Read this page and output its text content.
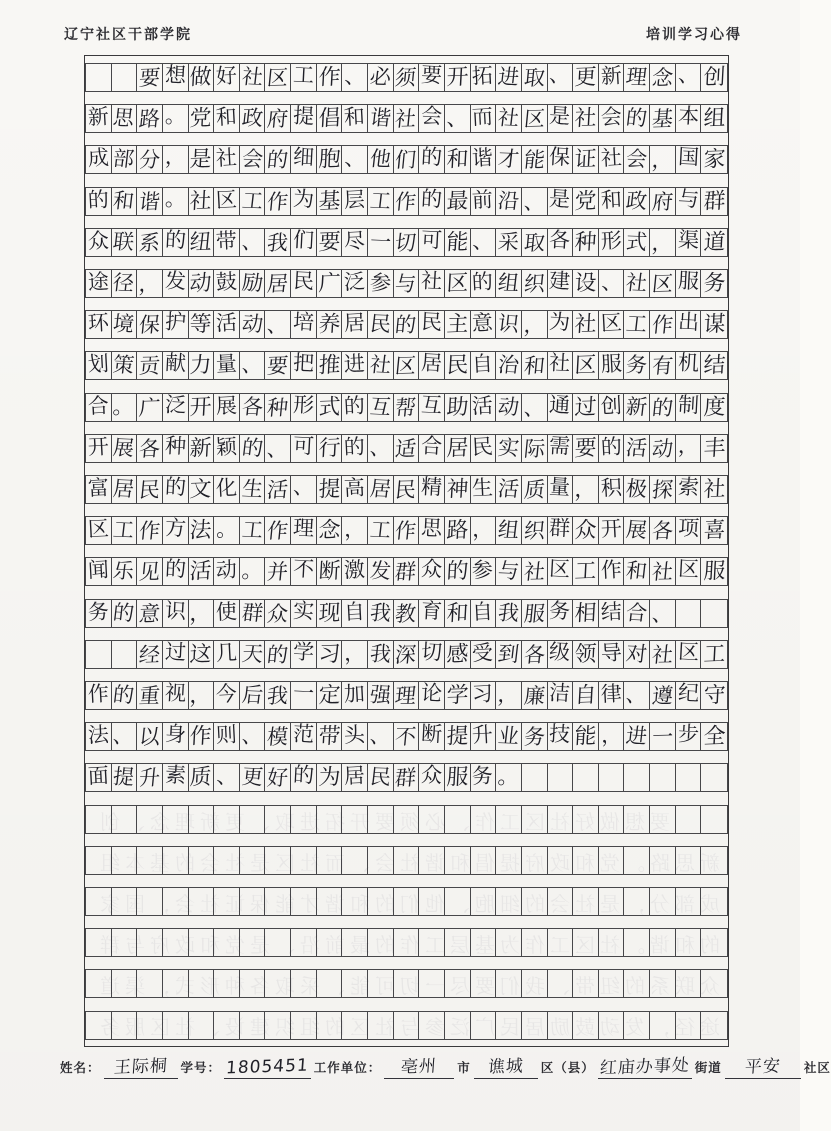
辽宁社区干部学院	培训学习心得
要 想 做 好 社 区 工 作 、 必 须 要 开 拓 进 取 、 更 新 理 念 、 创
新 思 路 。 党 和 政 府 提 倡 和 谐 社 会 、 而 社 区 是 社 会 的 基 本 组
成 部 分 ， 是 社 会 的 细 胞 、 他 们 的 和 谐 才 能 保 证 社 会 ， 国 家
的 和 谐 。 社 区 工 作 为 基 层 工 作 的 最 前 沿 、 是 党 和 政 府 与 群
众 联 系 的 纽 带 、 我 们 要 尽 一 切 可 能 、 采 取 各 种 形 式 ， 渠 道
途 径 ， 发 动 鼓 励 居 民 广 泛 参 与 社 区 的 组 织 建 设 、 社 区 服 务
环 境 保 护 等 活 动 、 培 养 居 民 的 民 主 意 识 ， 为 社 区 工 作 出 谋
划 策 贡 献 力 量 、 要 把 推 进 社 区 居 民 自 治 和 社 区 服 务 有 机 结
合 。 广 泛 开 展 各 种 形 式 的 互 帮 互 助 活 动 、 通 过 创 新 的 制 度
开 展 各 种 新 颖 的 、 可 行 的 、 适 合 居 民 实 际 需 要 的 活 动 ， 丰
富 居 民 的 文 化 生 活 、 提 高 居 民 精 神 生 活 质 量 ， 积 极 探 索 社
区 工 作 方 法 。 工 作 理 念 ， 工 作 思 路 ， 组 织 群 众 开 展 各 项 喜
闻 乐 见 的 活 动 。 并 不 断 激 发 群 众 的 参 与 社 区 工 作 和 社 区 服
务 的 意 识 ， 使 群 众 实 现 自 我 教 育 和 自 我 服 务 相 结 合 、
经 过 这 几 天 的 学 习 ， 我 深 切 感 受 到 各 级 领 导 对 社 区 工
作 的 重 视 ， 今 后 我 一 定 加 强 理 论 学 习 ， 廉 洁 自 律 、 遵 纪 守
法 、 以 身 作 则 、 模 范 带 头 、 不 断 提 升 业 务 技 能 ， 进 一 步 全
面 提 升 素 质 、 更 好 的 为 居 民 群 众 服 务 。
　　要想做好社区工作、必须要开拓进取、更新理念、创
新思路。党和政府提倡和谐社会、而社区是社会的基本组
成部分，是社会的细胞、他们的和谐才能保证社会，国家
的和谐。社区工作为基层工作的最前沿、是党和政府与群
众联系的纽带、我们要尽一切可能、采取各种形式，渠道
途径，发动鼓励居民广泛参与社区的组织建设、社区服务
姓名： 王际桐 学号： 1805451 工作单位：	亳州	市 谯城	区（县） 红庙办事处 街道	平安	社区
